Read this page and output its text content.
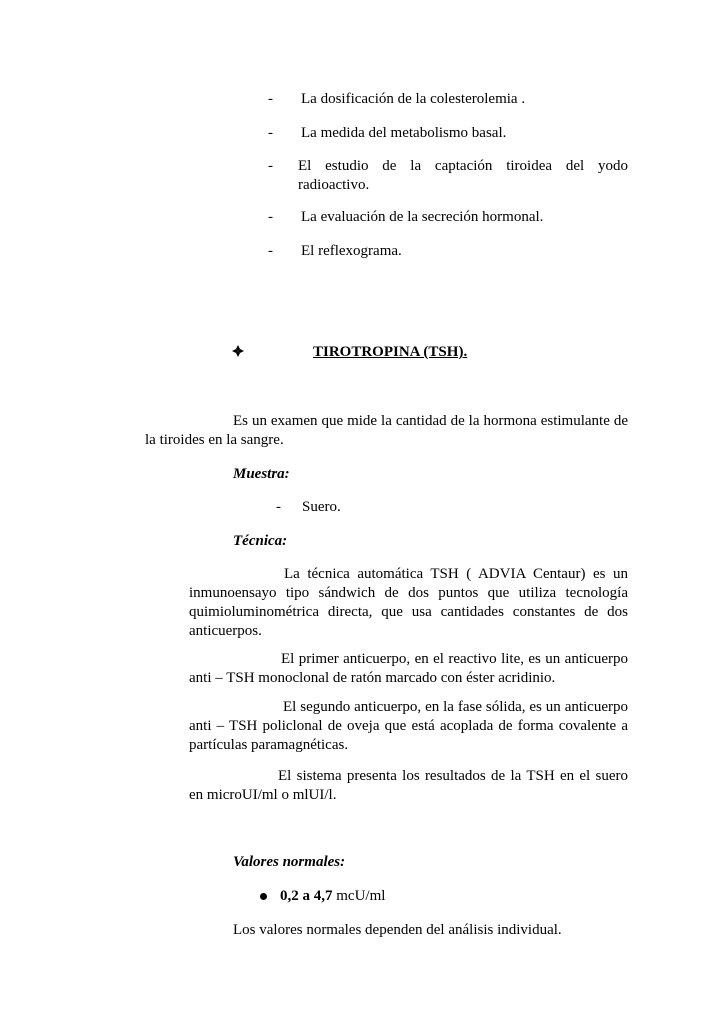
- La dosificación de la colesterolemia .
- La medida del metabolismo basal.
- El estudio de la captación tiroidea del yodo radioactivo.
- La evaluación de la secreción hormonal.
- El reflexograma.
TIROTROPINA (TSH).
Es un examen que mide la cantidad de la hormona estimulante de la tiroides en la sangre.
Muestra:
- Suero.
Técnica:
La técnica automática TSH ( ADVIA Centaur) es un inmunoensayo tipo sándwich de dos puntos que utiliza tecnología quimioluminométrica directa, que usa cantidades constantes de dos anticuerpos.
El primer anticuerpo, en el reactivo lite, es un anticuerpo anti – TSH monoclonal de ratón marcado con éster acridinio.
El segundo anticuerpo, en la fase sólida, es un anticuerpo anti – TSH policlonal de oveja que está acoplada de forma covalente a partículas paramagnéticas.
El sistema presenta los resultados de la TSH en el suero en microUI/ml o mlUI/l.
Valores normales:
0,2 a 4,7 mcU/ml
Los valores normales dependen del análisis individual.
